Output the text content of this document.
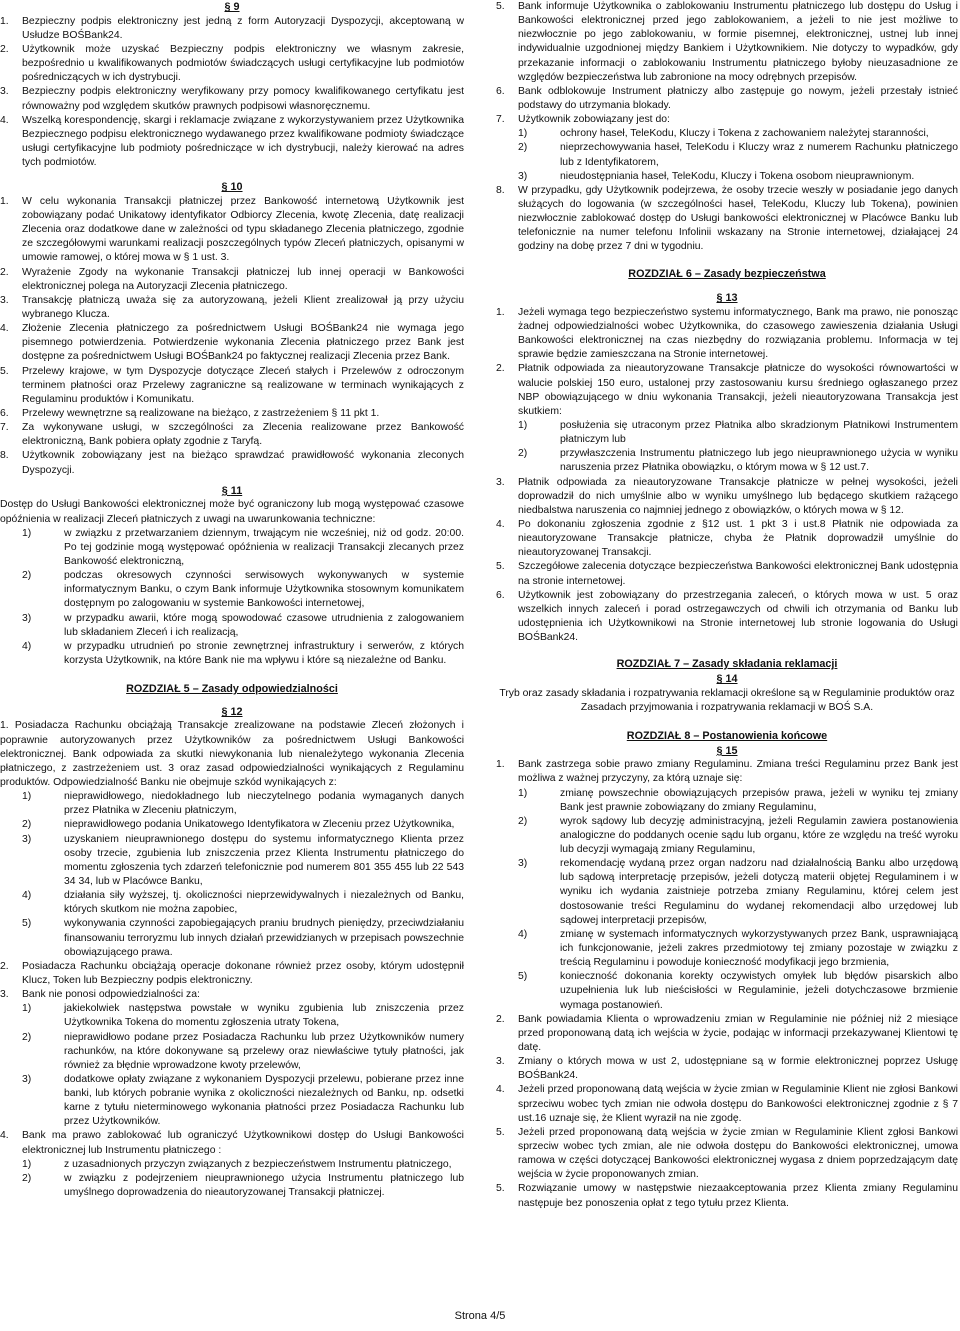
§ 9
1. Bezpieczny podpis elektroniczny jest jedną z form Autoryzacji Dyspozycji, akceptowaną w Usłudze BOŚBank24.
2. Użytkownik może uzyskać Bezpieczny podpis elektroniczny we własnym zakresie, bezpośrednio u kwalifikowanych podmiotów świadczących usługi certyfikacyjne lub podmiotów pośredniczących w ich dystrybucji.
3. Bezpieczny podpis elektroniczny weryfikowany przy pomocy kwalifikowanego certyfikatu jest równoważny pod względem skutków prawnych podpisowi własnoręcznemu.
4. Wszelką korespondencję, skargi i reklamacje związane z wykorzystywaniem przez Użytkownika Bezpiecznego podpisu elektronicznego wydawanego przez kwalifikowane podmioty świadczące usługi certyfikacyjne lub podmioty pośredniczące w ich dystrybucji, należy kierować na adres tych podmiotów.
§ 10
1. W celu wykonania Transakcji płatniczej przez Bankowość internetową Użytkownik jest zobowiązany podać Unikatowy identyfikator Odbiorcy Zlecenia, kwotę Zlecenia, datę realizacji Zlecenia oraz dodatkowe dane w zależności od typu składanego Zlecenia płatniczego, zgodnie ze szczegółowymi warunkami realizacji poszczególnych typów Zleceń płatniczych, opisanymi w umowie ramowej, o której mowa w § 1 ust. 3.
2. Wyrażenie Zgody na wykonanie Transakcji płatniczej lub innej operacji w Bankowości elektronicznej polega na Autoryzacji Zlecenia płatniczego.
3. Transakcję płatniczą uważa się za autoryzowaną, jeżeli Klient zrealizował ją przy użyciu wybranego Klucza.
4. Złożenie Zlecenia płatniczego za pośrednictwem Usługi BOŚBank24 nie wymaga jego pisemnego potwierdzenia. Potwierdzenie wykonania Zlecenia płatniczego przez Bank jest dostępne za pośrednictwem Usługi BOŚBank24 po faktycznej realizacji Zlecenia przez Bank.
5. Przelewy krajowe, w tym Dyspozycje dotyczące Zleceń stałych i Przelewów z odroczonym terminem płatności oraz Przelewy zagraniczne są realizowane w terminach wynikających z Regulaminu produktów i Komunikatu.
6. Przelewy wewnętrzne są realizowane na bieżąco, z zastrzeżeniem § 11 pkt 1.
7. Za wykonywane usługi, w szczególności za Zlecenia realizowane przez Bankowość elektroniczną, Bank pobiera opłaty zgodnie z Taryfą.
8. Użytkownik zobowiązany jest na bieżąco sprawdzać prawidłowość wykonania zleconych Dyspozycji.
§ 11

Dostęp do Usługi Bankowości elektronicznej może być ograniczony lub mogą występować czasowe opóźnienia w realizacji Zleceń płatniczych z uwagi na uwarunkowania techniczne:

1)	w związku z przetwarzaniem dziennym, trwającym nie wcześniej, niż od godz. 20:00. Po tej godzinie mogą występować opóźnienia w realizacji Transakcji zlecanych przez Bankowość elektroniczną,
2)	podczas okresowych czynności serwisowych wykonywanych w systemie informatycznym Banku, o czym Bank informuje Użytkownika stosownym komunikatem dostępnym po zalogowaniu w systemie Bankowości internetowej,
3)	w przypadku awarii, które mogą spowodować czasowe utrudnienia z zalogowaniem lub składaniem Zleceń i ich realizacją,
4)	w przypadku utrudnień po stronie zewnętrznej infrastruktury i serwerów, z których korzysta Użytkownik, na które Bank nie ma wpływu i które są niezależne od Banku.
ROZDZIAŁ 5 – Zasady odpowiedzialności
§ 12

1. Posiadacza Rachunku obciążają Transakcje zrealizowane na podstawie Zleceń złożonych i poprawnie autoryzowanych przez Użytkowników za pośrednictwem Usługi Bankowości elektronicznej. Bank odpowiada za skutki niewykonania lub nienależytego wykonania Zlecenia płatniczego, z zastrzeżeniem ust. 3 oraz zasad odpowiedzialności wynikających z Regulaminu produktów. Odpowiedzialność Banku nie obejmuje szkód wynikających z:

1)	nieprawidłowego, niedokładnego lub nieczytelnego podania wymaganych danych przez Płatnika w Zleceniu płatniczym,
2)	nieprawidłowego podania Unikatowego Identyfikatora w Zleceniu przez Użytkownika,
3)	uzyskaniem nieuprawnionego dostępu do systemu informatycznego Klienta przez osoby trzecie, zgubienia lub zniszczenia przez Klienta Instrumentu płatniczego do momentu zgłoszenia tych zdarzeń telefonicznie pod numerem 801 355 455 lub 22 543 34 34, lub w Placówce Banku,
4)	działania siły wyższej, tj. okoliczności nieprzewidywalnych i niezależnych od Banku, których skutkom nie można zapobiec,
5)	wykonywania czynności zapobiegających praniu brudnych pieniędzy, przeciwdziałaniu finansowaniu terroryzmu lub innych działań przewidzianych w przepisach powszechnie obowiązującego prawa.
2. Posiadacza Rachunku obciążają operacje dokonane również przez osoby, którym udostępnił Klucz, Token lub Bezpieczny podpis elektroniczny.
3. Bank nie ponosi odpowiedzialności za:
1)	jakiekolwiek następstwa powstałe w wyniku zgubienia lub zniszczenia przez Użytkownika Tokena do momentu zgłoszenia utraty Tokena,
2)	nieprawidłowo podane przez Posiadacza Rachunku lub przez Użytkowników numery rachunków, na które dokonywane są przelewy oraz niewłaściwe tytuły płatności, jak również za błędnie wprowadzone kwoty przelewów,
3)	dodatkowe opłaty związane z wykonaniem Dyspozycji przelewu, pobierane przez inne banki, lub których pobranie wynika z okoliczności niezależnych od Banku, np. odsetki karne z tytułu nieterminowego wykonania płatności przez Posiadacza Rachunku lub przez Użytkowników.
4. Bank ma prawo zablokować lub ograniczyć Użytkownikowi dostęp do Usługi Bankowości elektronicznej lub Instrumentu płatniczego :
1)	z uzasadnionych przyczyn związanych z bezpieczeństwem Instrumentu płatniczego,
2)	w związku z podejrzeniem nieuprawnionego użycia Instrumentu płatniczego lub umyślnego doprowadzenia do nieautoryzowanej Transakcji płatniczej.
5. Bank informuje Użytkownika o zablokowaniu Instrumentu płatniczego lub dostępu do Usług i Bankowości elektronicznej przed jego zablokowaniem, a jeżeli to nie jest możliwe to niezwłocznie po jego zablokowaniu, w formie pisemnej, elektronicznej, ustnej lub innej indywidualnie uzgodnionej między Bankiem i Użytkownikiem. Nie dotyczy to wypadków, gdy przekazanie informacji o zablokowaniu Instrumentu płatniczego byłoby nieuzasadnione ze względów bezpieczeństwa lub zabronione na mocy odrębnych przepisów.
6. Bank odblokowuje Instrument płatniczy albo zastępuje go nowym, jeżeli przestały istnieć podstawy do utrzymania blokady.
7. Użytkownik zobowiązany jest do:
1)	ochrony haseł, TeleKodu, Kluczy i Tokena z zachowaniem należytej staranności,
2)	nieprzechowywania haseł, TeleKodu i Kluczy wraz z numerem Rachunku płatniczego lub z Identyfikatorem,
3)	nieudostępniania haseł, TeleKodu, Kluczy i Tokena osobom nieuprawnionym.
8. W przypadku, gdy Użytkownik podejrzewa, że osoby trzecie weszły w posiadanie jego danych służących do logowania (w szczególności haseł, TeleKodu, Kluczy lub Tokena), powinien niezwłocznie zablokować dostęp do Usługi bankowości elektronicznej w Placówce Banku lub telefonicznie na numer telefonu Infolinii wskazany na Stronie internetowej, działającej 24 godziny na dobę przez 7 dni w tygodniu.
ROZDZIAŁ 6 – Zasady bezpieczeństwa
§ 13
1. Jeżeli wymaga tego bezpieczeństwo systemu informatycznego, Bank ma prawo, nie ponosząc żadnej odpowiedzialności wobec Użytkownika, do czasowego zawieszenia działania Usługi Bankowości elektronicznej na czas niezbędny do rozwiązania problemu. Informacja w tej sprawie będzie zamieszczana na Stronie internetowej.
2. Płatnik odpowiada za nieautoryzowane Transakcje płatnicze do wysokości równowartości w walucie polskiej 150 euro, ustalonej przy zastosowaniu kursu średniego ogłaszanego przez NBP obowiązującego w dniu wykonania Transakcji, jeżeli nieautoryzowana Transakcja jest skutkiem:
1)	posłużenia się utraconym przez Płatnika albo skradzionym Płatnikowi Instrumentem płatniczym lub
2)	przywłaszczenia Instrumentu płatniczego lub jego nieuprawnionego użycia w wyniku naruszenia przez Płatnika obowiązku, o którym mowa w § 12 ust.7.
3. Płatnik odpowiada za nieautoryzowane Transakcje płatnicze w pełnej wysokości, jeżeli doprowadził do nich umyślnie albo w wyniku umyślnego lub będącego skutkiem rażącego niedbalstwa naruszenia co najmniej jednego z obowiązków, o których mowa w § 12.
4. Po dokonaniu zgłoszenia zgodnie z §12 ust. 1 pkt 3 i ust.8 Płatnik nie odpowiada za nieautoryzowane Transakcje płatnicze, chyba że Płatnik doprowadził umyślnie do nieautoryzowanej Transakcji.
5. Szczegółowe zalecenia dotyczące bezpieczeństwa Bankowości elektronicznej Bank udostępnia na stronie internetowej.
6. Użytkownik jest zobowiązany do przestrzegania zaleceń, o których mowa w ust. 5 oraz wszelkich innych zaleceń i porad ostrzegawczych od chwili ich otrzymania od Banku lub udostępnienia ich Użytkownikowi na Stronie internetowej lub stronie logowania do Usługi BOŚBank24.
ROZDZIAŁ 7 – Zasady składania reklamacji
§ 14

Tryb oraz zasady składania i rozpatrywania reklamacji określone są w Regulaminie produktów oraz Zasadach przyjmowania i rozpatrywania reklamacji w BOŚ S.A.

ROZDZIAŁ 8 – Postanowienia końcowe
§ 15
1. Bank zastrzega sobie prawo zmiany Regulaminu. Zmiana treści Regulaminu przez Bank jest możliwa z ważnej przyczyny, za którą uznaje się:
1)	zmianę powszechnie obowiązujących przepisów prawa, jeżeli w wyniku tej zmiany Bank jest prawnie zobowiązany do zmiany Regulaminu,
2)	wyrok sądowy lub decyzję administracyjną, jeżeli Regulamin zawiera postanowienia analogiczne do poddanych ocenie sądu lub organu, które ze względu na treść wyroku lub decyzji wymagają zmiany Regulaminu,
3)	rekomendację wydaną przez organ nadzoru nad działalnością Banku albo urzędową lub sądową interpretację przepisów, jeżeli dotyczą materii objętej Regulaminem i w wyniku ich wydania zaistnieje potrzeba zmiany Regulaminu, której celem jest dostosowanie treści Regulaminu do wydanej rekomendacji albo urzędowej lub sądowej interpretacji przepisów,
4)	zmianę w systemach informatycznych wykorzystywanych przez Bank, usprawniającą ich funkcjonowanie, jeżeli zakres przedmiotowy tej zmiany pozostaje w związku z treścią Regulaminu i powoduje konieczność modyfikacji jego brzmienia,
5)	konieczność dokonania korekty oczywistych omyłek lub błędów pisarskich albo uzupełnienia luk lub nieścisłości w Regulaminie, jeżeli dotychczasowe brzmienie wymaga postanowień.
2. Bank powiadamia Klienta o wprowadzeniu zmian w Regulaminie nie później niż 2 miesiące przed proponowaną datą ich wejścia w życie, podając w informacji przekazywanej Klientowi tę datę.
3. Zmiany o których mowa w ust 2, udostępniane są w formie elektronicznej poprzez Usługę BOŚBank24.
4. Jeżeli przed proponowaną datą wejścia w życie zmian w Regulaminie Klient nie zgłosi Bankowi sprzeciwu wobec tych zmian nie odwoła dostępu do Bankowości elektronicznej zgodnie z § 7 ust.16 uznaje się, że Klient wyraził na nie zgodę.
5. Jeżeli przed proponowaną datą wejścia w życie zmian w Regulaminie Klient zgłosi Bankowi sprzeciw wobec tych zmian, ale nie odwoła dostępu do Bankowości elektronicznej, umowa ramowa w części dotyczącej Bankowości elektronicznej wygasa z dniem poprzedzającym datę wejścia w życie proponowanych zmian.
5. Rozwiązanie umowy w następstwie niezaakceptowania przez Klienta zmiany Regulaminu następuje bez ponoszenia opłat z tego tytułu przez Klienta.
Strona 4/5
